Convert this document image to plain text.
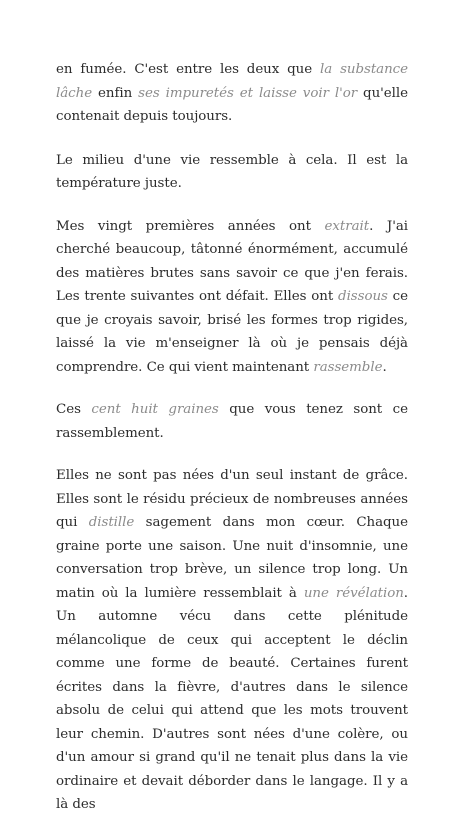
en fumée. C'est entre les deux que la substance lâche enfin ses impuretés et laisse voir l'or qu'elle contenait depuis toujours.

Le milieu d'une vie ressemble à cela. Il est la température juste.

Mes vingt premières années ont extrait. J'ai cherché beaucoup, tâtonné énormément, accumulé des matières brutes sans savoir ce que j'en ferais. Les trente suivantes ont défait. Elles ont dissous ce que je croyais savoir, brisé les formes trop rigides, laissé la vie m'enseigner là où je pensais déjà comprendre. Ce qui vient maintenant rassemble.

Ces cent huit graines que vous tenez sont ce rassemblement.

Elles ne sont pas nées d'un seul instant de grâce. Elles sont le résidu précieux de nombreuses années qui distille sagement dans mon cœur. Chaque graine porte une saison. Une nuit d'insomnie, une conversation trop brève, un silence trop long. Un matin où la lumière ressemblait à une révélation. Un automne vécu dans cette plénitude mélancolique de ceux qui acceptent le déclin comme une forme de beauté. Certaines furent écrites dans la fièvre, d'autres dans le silence absolu de celui qui attend que les mots trouvent leur chemin. D'autres sont nées d'une colère, ou d'un amour si grand qu'il ne tenait plus dans la vie ordinaire et devait déborder dans le langage. Il y a là des
